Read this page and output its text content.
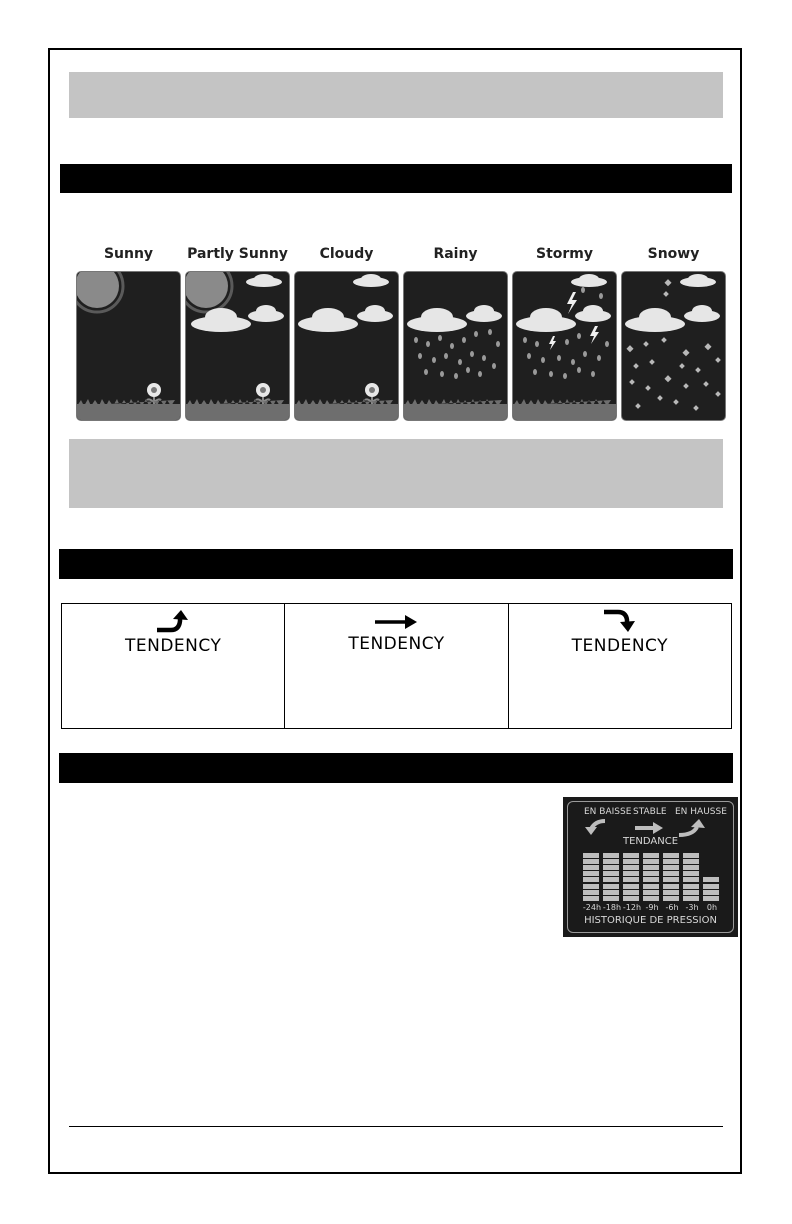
Sunny	Partly Sunny	Cloudy	Rainy	Stormy	Snowy
TENDENCY	TENDENCY	TENDENCY
EN BAISSE STABLE EN HAUSSE
TENDANCE
-24h -18h -12h -9h -6h -3h	0h
HISTORIQUE DE PRESSION
